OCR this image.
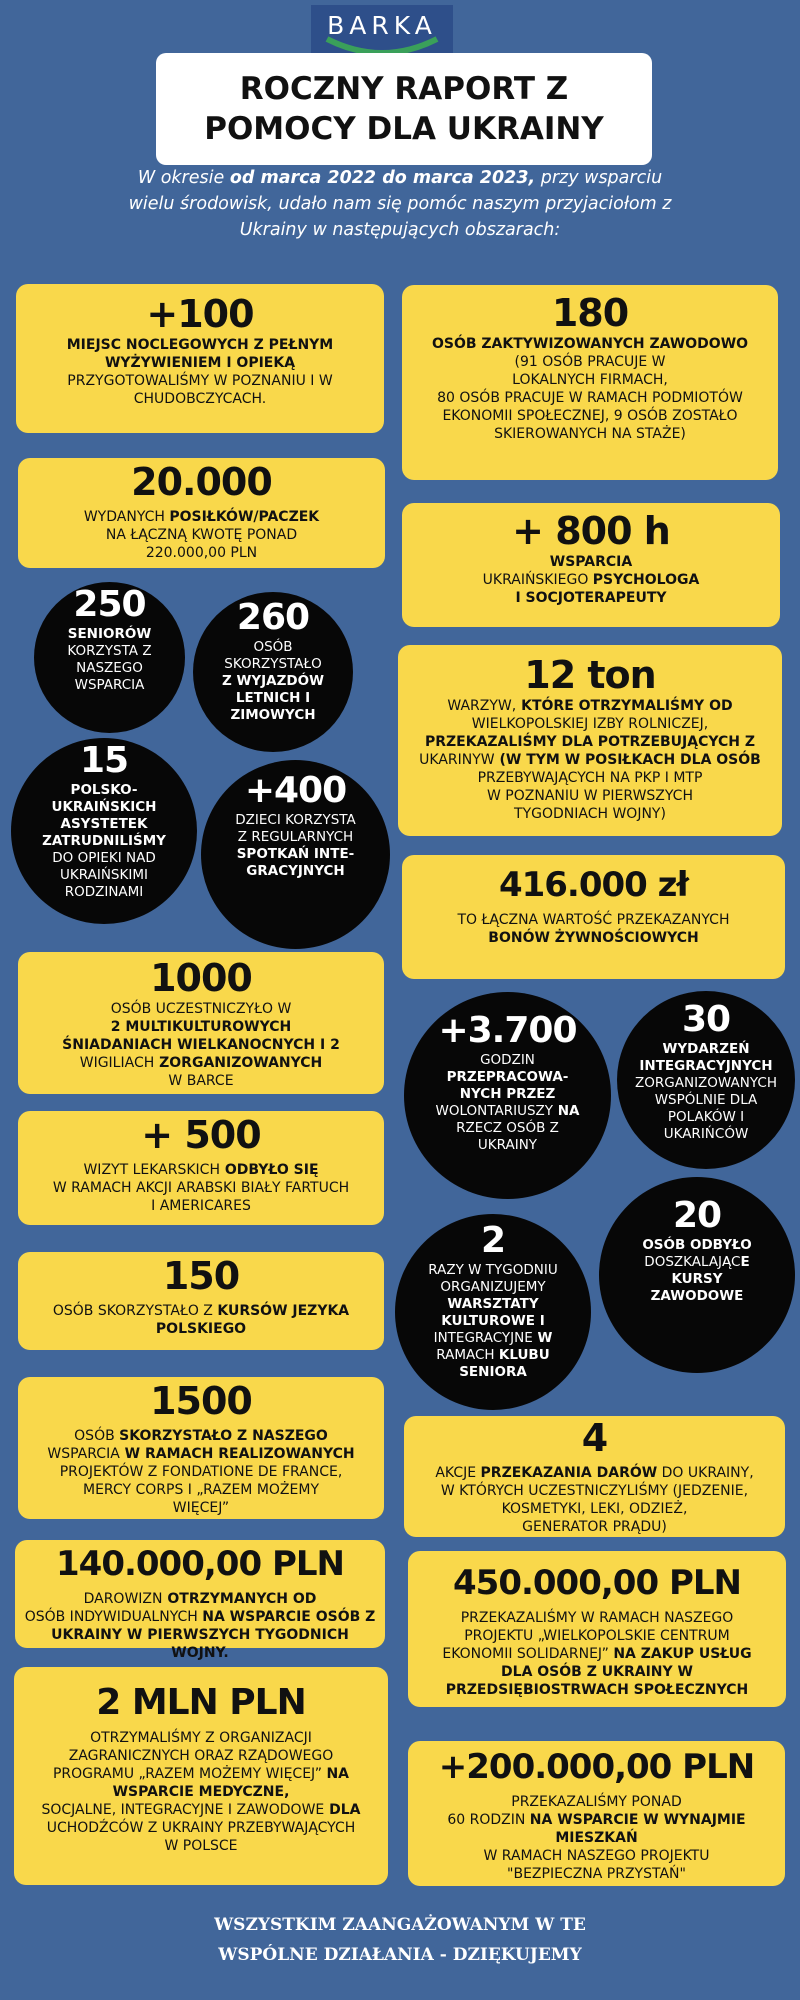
BARKA
ROCZNY RAPORT Z
POMOCY DLA UKRAINY
W okresie od marca 2022 do marca 2023, przy wsparciu wielu środowisk, udało nam się pomóc naszym przyjaciołom z Ukrainy w następujących obszarach:
+100
MIEJSC NOCLEGOWYCH Z PEŁNYM
WYŻYWIENIEM I OPIEKĄ
PRZYGOTOWALIŚMY W POZNANIU I W
CHUDOBCZYCACH.
180
OSÓB ZAKTYWIZOWANYCH ZAWODOWO
(91 OSÓB PRACUJE W
LOKALNYCH FIRMACH,
80 OSÓB PRACUJE W RAMACH PODMIOTÓW
EKONOMII SPOŁECZNEJ, 9 OSÓB ZOSTAŁO
SKIEROWANYCH NA STAŻE)
20.000
WYDANYCH POSIŁKÓW/PACZEK
NA ŁĄCZNĄ KWOTĘ PONAD
220.000,00 PLN	+ 800 h
WSPARCIA
UKRAIŃSKIEGO PSYCHOLOGA
I SOCJOTERAPEUTY
250
SENIORÓW
KORZYSTA Z
NASZEGO
WSPARCIA
260
OSÓB
SKORZYSTAŁO
Z WYJAZDÓW
LETNICH I
ZIMOWYCH
12 ton
WARZYW, KTÓRE OTRZYMALIŚMY OD
WIELKOPOLSKIEJ IZBY ROLNICZEJ,
PRZEKAZALIŚMY DLA POTRZEBUJĄCYCH Z
UKARINYW (W TYM W POSIŁKACH DLA OSÓB
PRZEBYWAJĄCYCH NA PKP I MTP
W POZNANIU W PIERWSZYCH
TYGODNIACH WOJNY)
15
POLSKO-
UKRAIŃSKICH
ASYSTETEK
ZATRUDNILIŚMY
DO OPIEKI NAD
UKRAIŃSKIMI
RODZINAMI
+400
DZIECI KORZYSTA
Z REGULARNYCH
SPOTKAŃ INTE-
GRACYJNYCH	416.000 zł
TO ŁĄCZNA WARTOŚĆ PRZEKAZANYCH
BONÓW ŻYWNOŚCIOWYCH
1000
OSÓB UCZESTNICZYŁO W
2 MULTIKULTUROWYCH
ŚNIADANIACH WIELKANOCNYCH I 2
WIGILIACH ZORGANIZOWANYCH
W BARCE
+3.700
GODZIN
PRZEPRACOWA-
NYCH PRZEZ
WOLONTARIUSZY NA
RZECZ OSÓB Z
UKRAINY
30
WYDARZEŃ
INTEGRACYJNYCH
ZORGANIZOWANYCH
WSPÓLNIE DLA
POLAKÓW I
UKARIŃCÓW
+ 500
WIZYT LEKARSKICH ODBYŁO SIĘ
W RAMACH AKCJI ARABSKI BIAŁY FARTUCH
I AMERICARES	20
OSÓB ODBYŁO
DOSZKALAJĄCE
KURSY
ZAWODOWE
2
RAZY W TYGODNIU
ORGANIZUJEMY
WARSZTATY
KULTUROWE I
INTEGRACYJNE W
RAMACH KLUBU
SENIORA
150
OSÓB SKORZYSTAŁO Z KURSÓW JEZYKA
POLSKIEGO
1500
OSÓB SKORZYSTAŁO Z NASZEGO
WSPARCIA W RAMACH REALIZOWANYCH
PROJEKTÓW Z FONDATIONE DE FRANCE,
MERCY CORPS I „RAZEM MOŻEMY
WIĘCEJ”
4
AKCJE PRZEKAZANIA DARÓW DO UKRAINY,
W KTÓRYCH UCZESTNICZYLIŚMY (JEDZENIE,
KOSMETYKI, LEKI, ODZIEŻ,
GENERATOR PRĄDU)
140.000,00 PLN
DAROWIZN OTRZYMANYCH OD
OSÓB INDYWIDUALNYCH NA WSPARCIE OSÓB Z
UKRAINY W PIERWSZYCH TYGODNICH WOJNY.
450.000,00 PLN
PRZEKAZALIŚMY W RAMACH NASZEGO
PROJEKTU „WIELKOPOLSKIE CENTRUM
EKONOMII SOLIDARNEJ” NA ZAKUP USŁUG
DLA OSÓB Z UKRAINY W
PRZEDSIĘBIOSTRWACH SPOŁECZNYCH
2 MLN PLN
OTRZYMALIŚMY Z ORGANIZACJI
ZAGRANICZNYCH ORAZ RZĄDOWEGO
PROGRAMU „RAZEM MOŻEMY WIĘCEJ” NA
WSPARCIE MEDYCZNE,
SOCJALNE, INTEGRACYJNE I ZAWODOWE DLA
UCHODŹCÓW Z UKRAINY PRZEBYWAJĄCYCH
W POLSCE
+200.000,00 PLN
PRZEKAZALIŚMY PONAD
60 RODZIN NA WSPARCIE W WYNAJMIE
MIESZKAŃ
W RAMACH NASZEGO PROJEKTU
"BEZPIECZNA PRZYSTAŃ"
WSZYSTKIM ZAANGAŻOWANYM W TE
WSPÓLNE DZIAŁANIA - DZIĘKUJEMY
